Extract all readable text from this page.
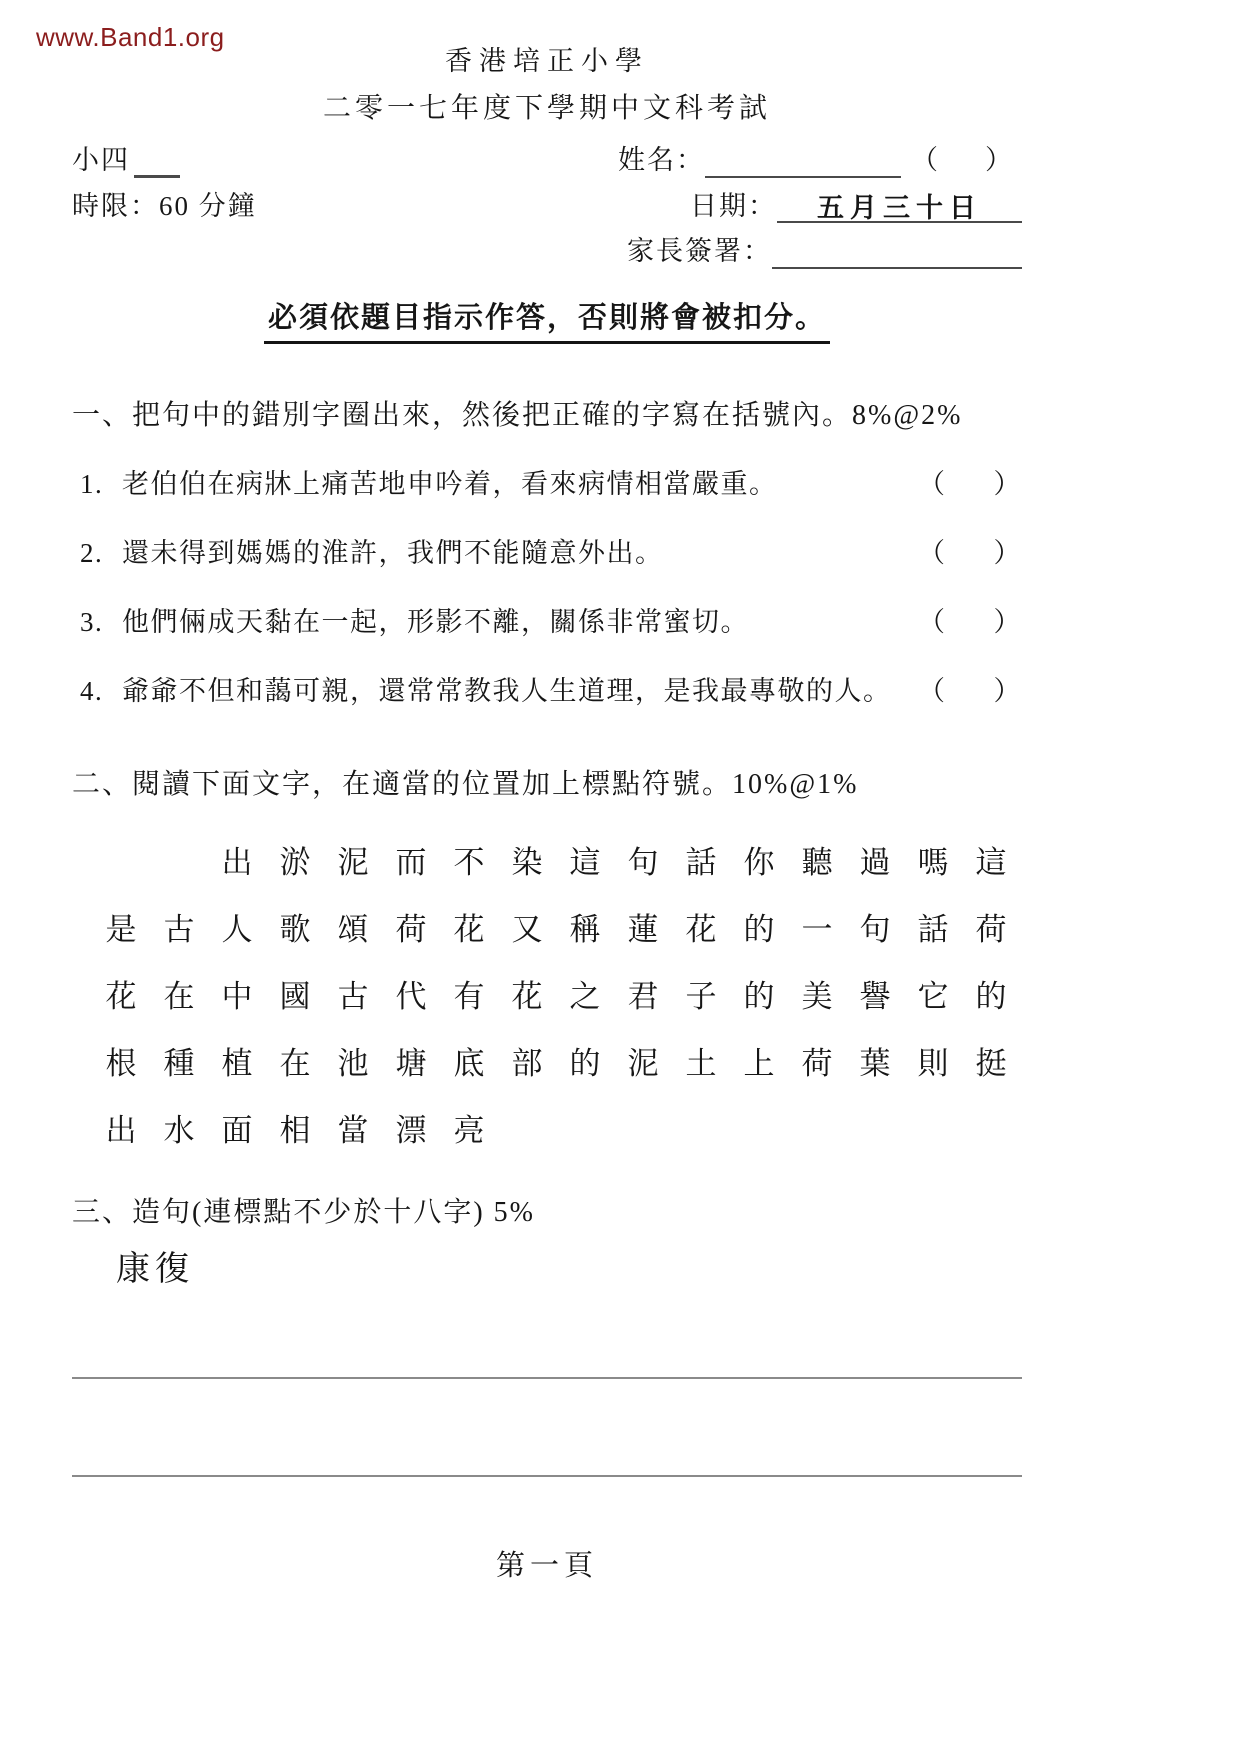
www.Band1.org
香港培正小學
二零一七年度下學期中文科考試
小四
時限：60 分鐘
姓名：	（　）
日期：	五月三十日
家長簽署：
必須依題目指示作答，否則將會被扣分。
一、把句中的錯別字圈出來，然後把正確的字寫在括號內。8%@2%
1. 老伯伯在病牀上痛苦地申吟着，看來病情相當嚴重。	（ ）
2. 還未得到媽媽的淮許，我們不能隨意外出。	（ ）
3. 他們倆成天黏在一起，形影不離，關係非常蜜切。	（ ）
4. 爺爺不但和藹可親，還常常教我人生道理，是我最專敬的人。 （ ）
二、閱讀下面文字，在適當的位置加上標點符號。10%@1%
出 淤 泥 而 不 染 這 句 話 你 聽 過 嗎 這
是 古 人 歌 頌 荷 花 又 稱 蓮 花 的 一 句 話 荷
花 在 中 國 古 代 有 花 之 君 子 的 美 譽 它 的
根 種 植 在 池 塘 底 部 的 泥 土 上 荷 葉 則 挺
出 水 面 相 當 漂 亮
三、造句(連標點不少於十八字) 5%
康復
第一頁
